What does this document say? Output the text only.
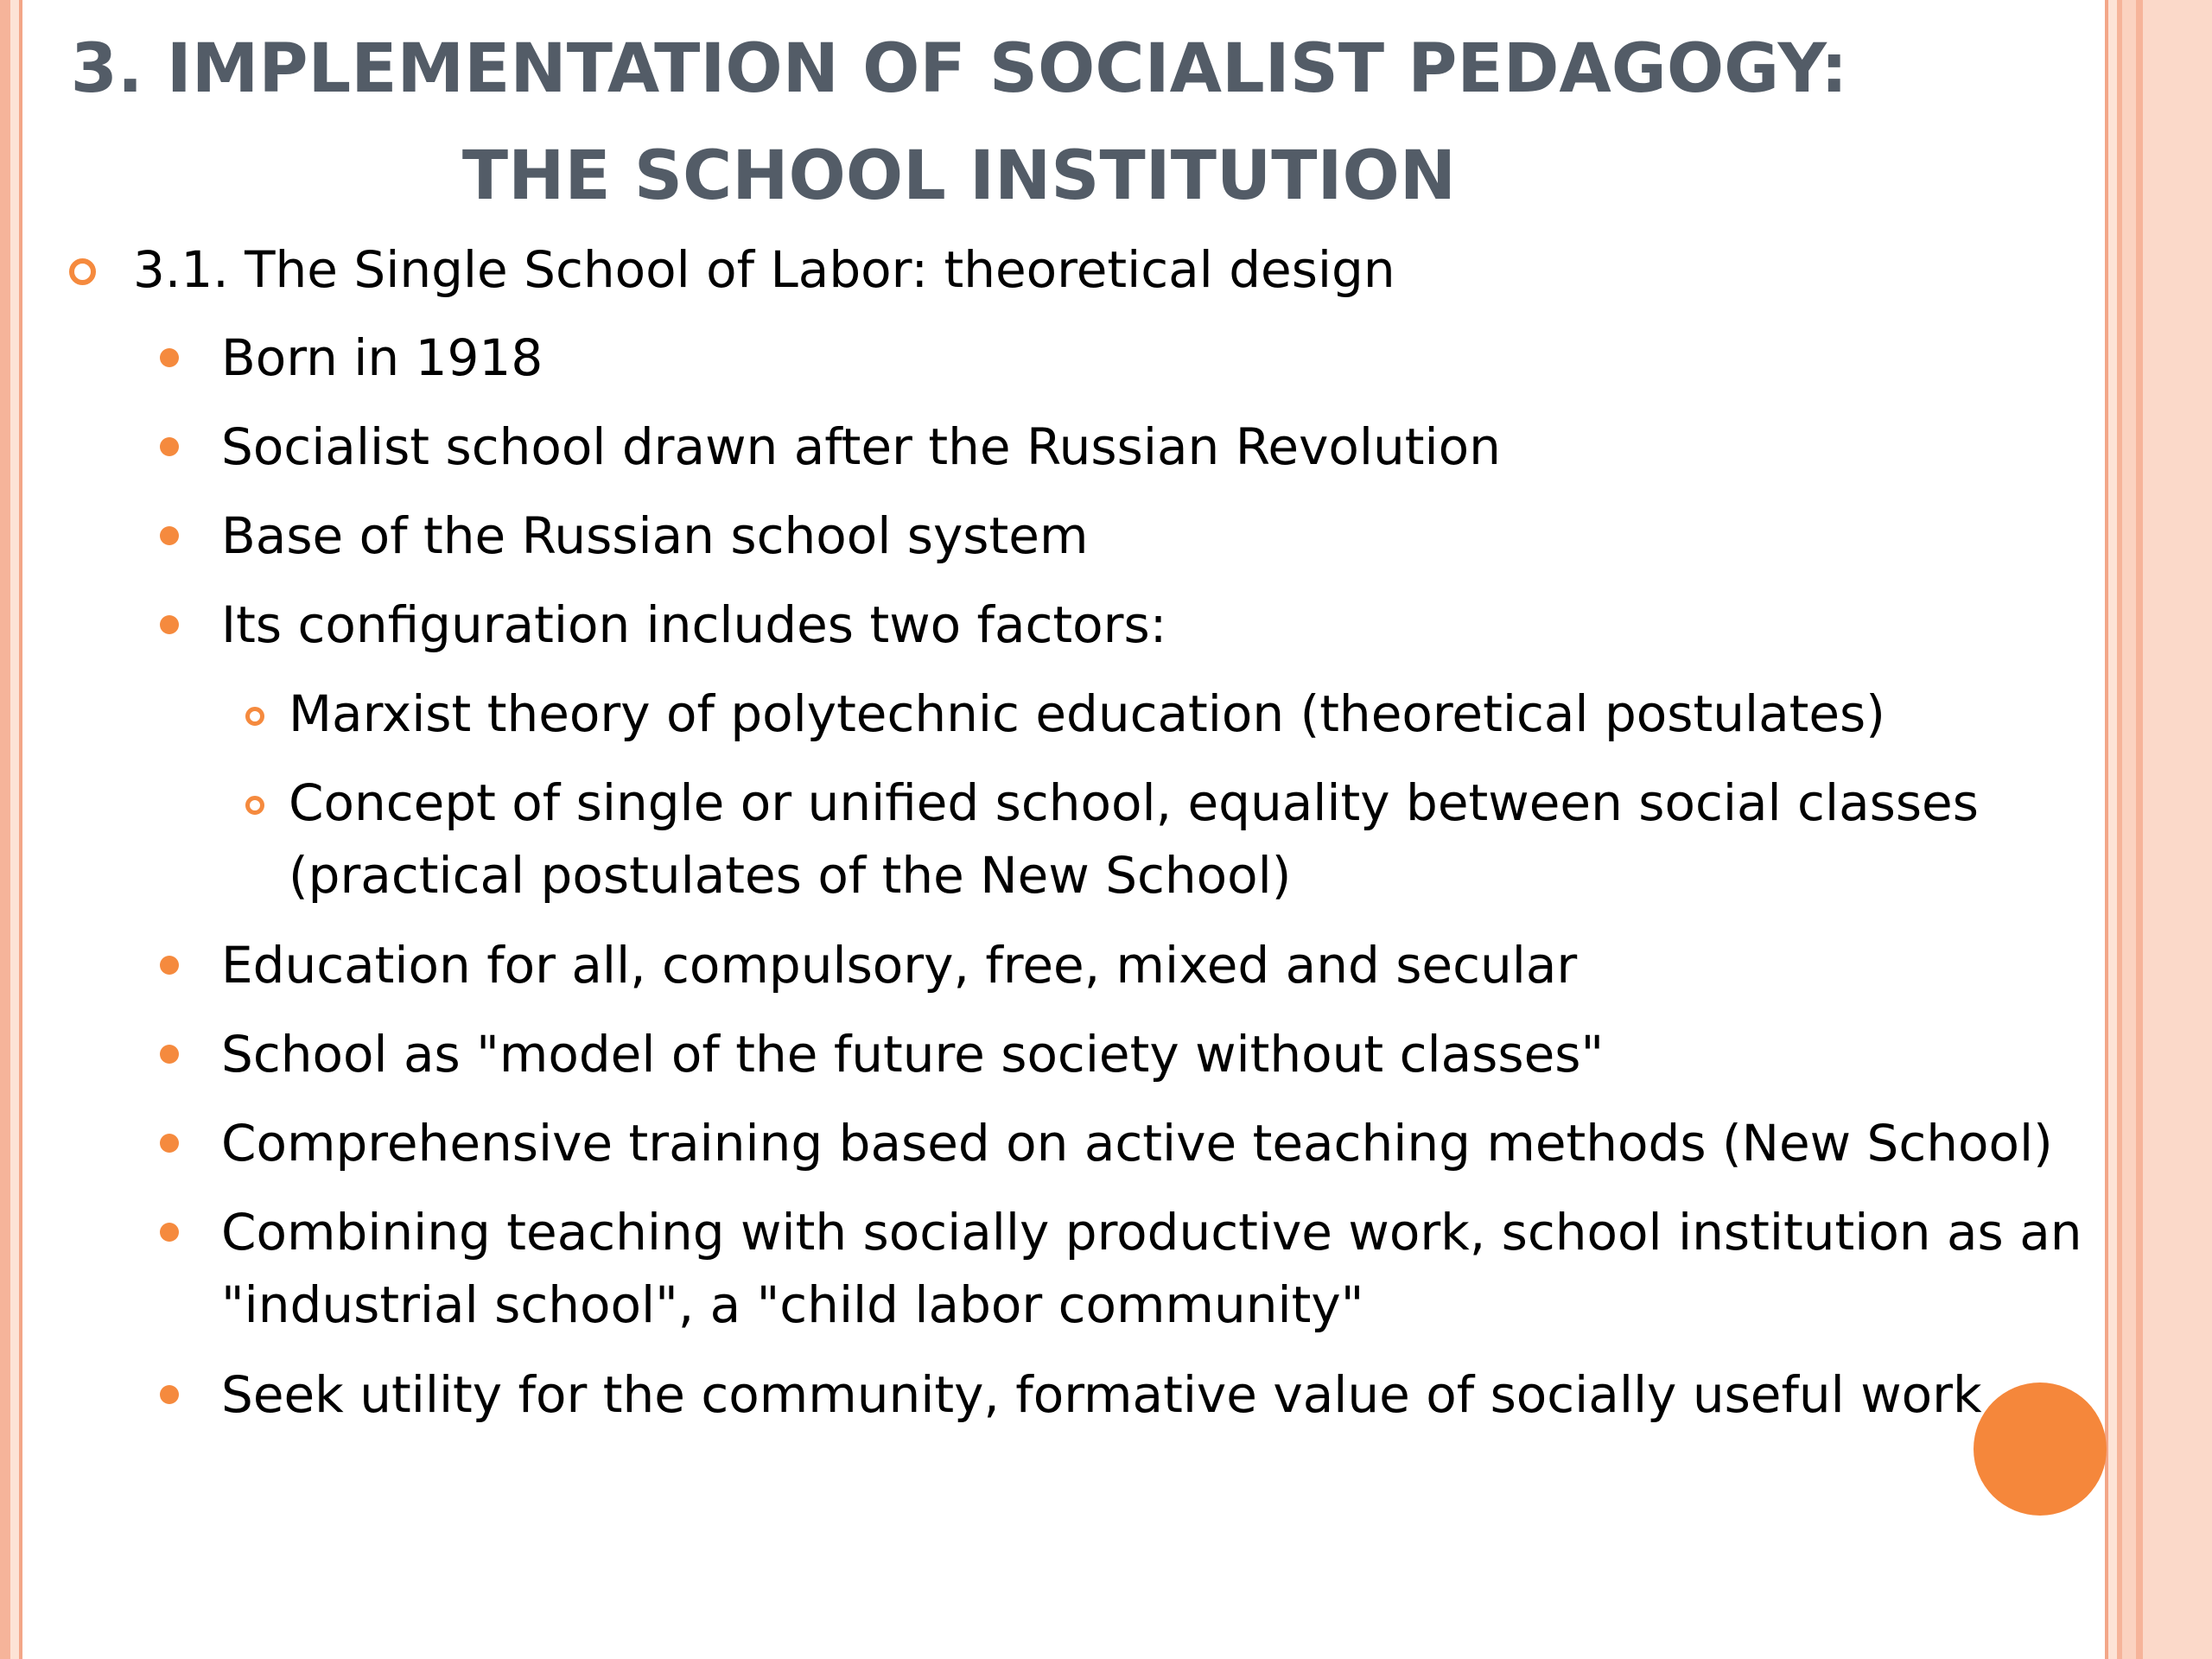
3. IMPLEMENTATION OF SOCIALIST PEDAGOGY:
THE SCHOOL INSTITUTION
3.1. The Single School of Labor: theoretical design
Born in 1918
Socialist school drawn after the Russian Revolution
Base of the Russian school system
Its configuration includes two factors:
Marxist theory of polytechnic education (theoretical postulates)
Concept of single or unified school, equality between social classes
(practical postulates of the New School)
Education for all, compulsory, free, mixed and secular
School as "model of the future society without classes"
Comprehensive training based on active teaching methods (New School)
Combining teaching with socially productive work, school institution as an
"industrial school", a "child labor community"
Seek utility for the community, formative value of socially useful work
